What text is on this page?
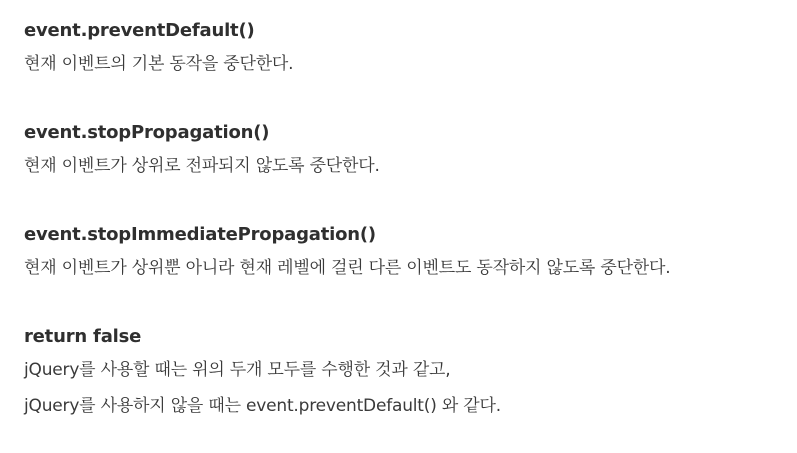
event.preventDefault()
현재 이벤트의 기본 동작을 중단한다.
event.stopPropagation()
현재 이벤트가 상위로 전파되지 않도록 중단한다.
event.stopImmediatePropagation()
현재 이벤트가 상위뿐 아니라 현재 레벨에 걸린 다른 이벤트도 동작하지 않도록 중단한다.
return false
jQuery를 사용할 때는 위의 두개 모두를 수행한 것과 같고,
jQuery를 사용하지 않을 때는 event.preventDefault() 와 같다.
